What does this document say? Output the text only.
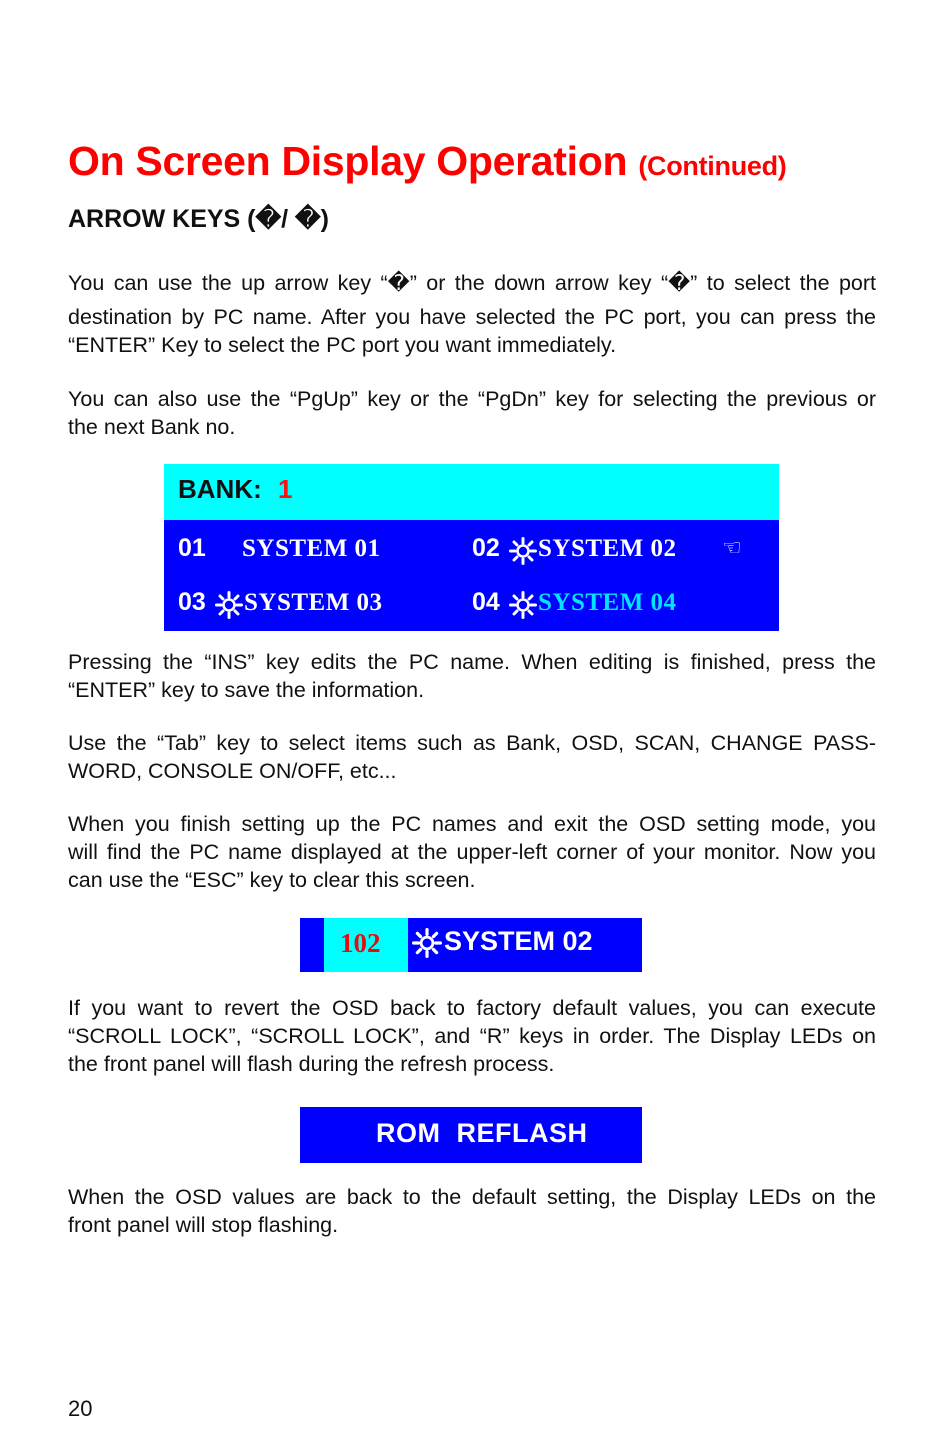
On Screen Display Operation (Continued)
ARROW KEYS (�/ �)

You can use the up arrow key “�” or the down arrow key “�” to select the port
destination by PC name. After you have selected the PC port, you can press the
“ENTER” Key to select the PC port you want immediately.

You can also use the “PgUp” key or the “PgDn” key for selecting the previous or
the next Bank no.

BANK: 1
01 SYSTEM 01	02 SYSTEM 02 ☜
03 SYSTEM 03	04 SYSTEM 04

Pressing the “INS” key edits the PC name. When editing is finished, press the
“ENTER” key to save the information.

Use the “Tab” key to select items such as Bank, OSD, SCAN, CHANGE PASS-
WORD, CONSOLE ON/OFF, etc...

When you finish setting up the PC names and exit the OSD setting mode, you
will find the PC name displayed at the upper-left corner of your monitor. Now you
can use the “ESC” key to clear this screen.

102 SYSTEM 02

If you want to revert the OSD back to factory default values, you can execute
“SCROLL LOCK”, “SCROLL LOCK”, and “R” keys in order. The Display LEDs on
the front panel will flash during the refresh process.

ROM  REFLASH

When the OSD values are back to the default setting, the Display LEDs on the
front panel will stop flashing.

20
